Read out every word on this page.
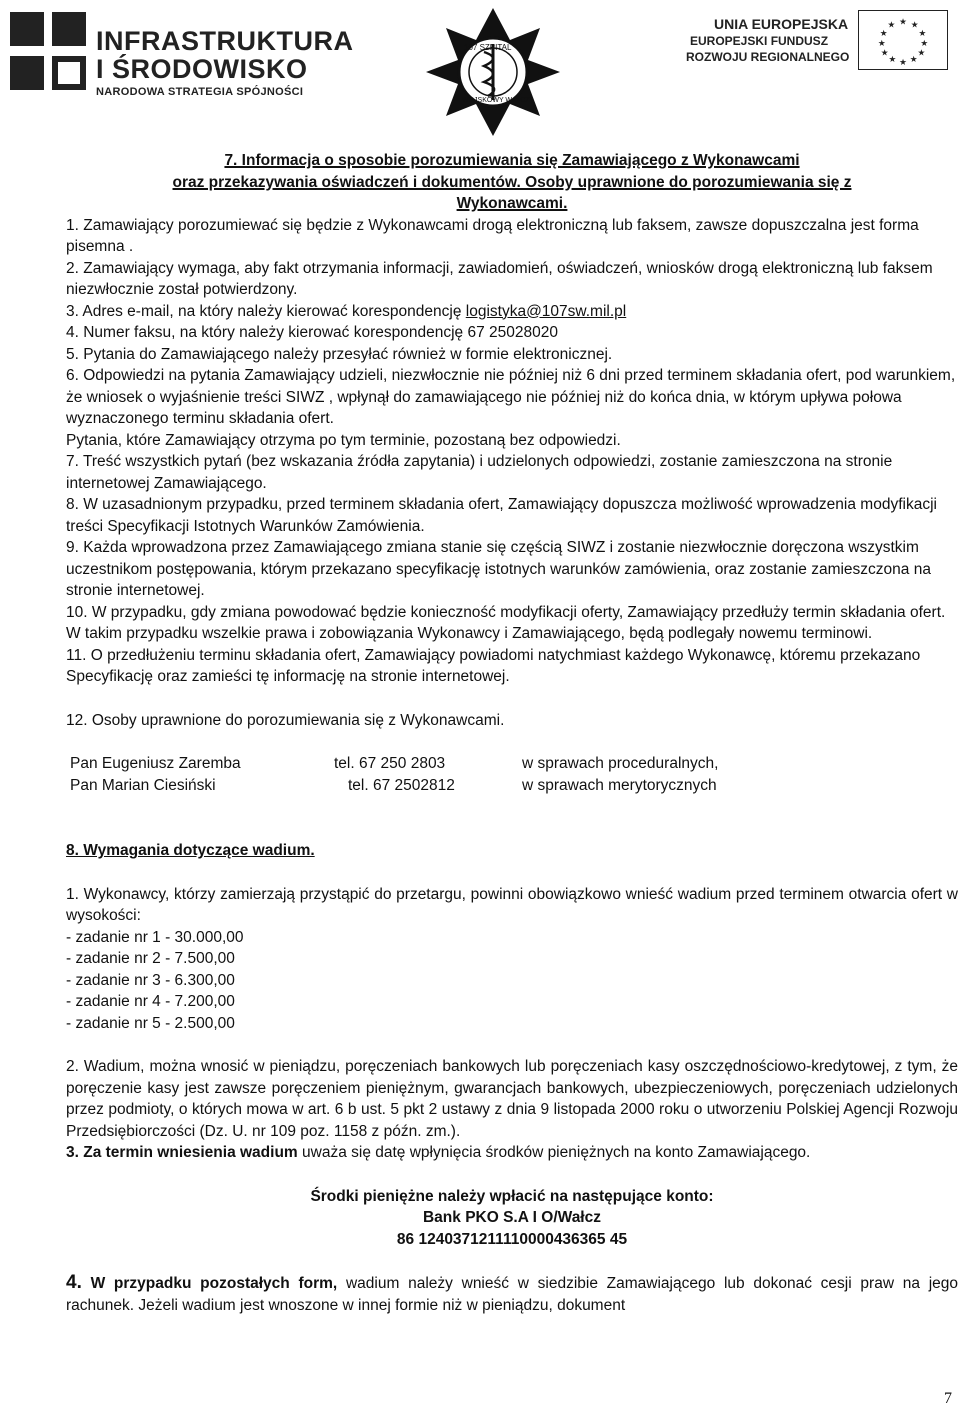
INFRASTRUKTURA
I ŚRODOWISKO
NARODOWA STRATEGIA SPÓJNOŚCI
107 SZPITAL
WOJSKOWY WAŁCZ
UNIA EUROPEJSKA
EUROPEJSKI FUNDUSZ
ROZWOJU REGIONALNEGO
★ ★
★
★
★
★
★
★
★
★
★
★

7. Informacja o sposobie porozumiewania się Zamawiającego z Wykonawcami
oraz przekazywania oświadczeń i dokumentów. Osoby uprawnione do porozumiewania się z
Wykonawcami.

1. Zamawiający porozumiewać się będzie z Wykonawcami drogą elektroniczną lub faksem, zawsze dopuszczalna jest forma pisemna .

2. Zamawiający wymaga, aby fakt otrzymania informacji, zawiadomień, oświadczeń, wniosków drogą elektroniczną lub faksem niezwłocznie został potwierdzony.

3. Adres e-mail, na który należy kierować korespondencję logistyka@107sw.mil.pl

4. Numer faksu, na który należy kierować korespondencję 67 25028020

5. Pytania do Zamawiającego należy przesyłać również w formie elektronicznej.

6. Odpowiedzi na pytania Zamawiający udzieli, niezwłocznie nie później niż 6 dni przed terminem składania ofert, pod warunkiem, że wniosek o wyjaśnienie treści SIWZ , wpłynął do zamawiającego nie później niż do końca dnia, w którym upływa połowa wyznaczonego terminu składania ofert.

Pytania, które Zamawiający otrzyma po tym terminie, pozostaną bez odpowiedzi.

7. Treść wszystkich pytań (bez wskazania źródła zapytania) i udzielonych odpowiedzi, zostanie zamieszczona na stronie internetowej Zamawiającego.

8. W uzasadnionym przypadku, przed terminem składania ofert, Zamawiający dopuszcza możliwość wprowadzenia modyfikacji treści Specyfikacji Istotnych Warunków Zamówienia.

9. Każda wprowadzona przez Zamawiającego zmiana stanie się częścią SIWZ i zostanie niezwłocznie doręczona wszystkim uczestnikom postępowania, którym przekazano specyfikację istotnych warunków zamówienia, oraz zostanie zamieszczona na stronie internetowej.

10. W przypadku, gdy zmiana powodować będzie konieczność modyfikacji oferty, Zamawiający przedłuży termin składania ofert. W takim przypadku wszelkie prawa i zobowiązania Wykonawcy i Zamawiającego, będą podlegały nowemu terminowi.

11. O przedłużeniu terminu składania ofert, Zamawiający powiadomi natychmiast każdego Wykonawcę, któremu przekazano Specyfikację oraz zamieści tę informację na stronie internetowej.

12. Osoby uprawnione do porozumiewania się z Wykonawcami.

Pan Eugeniusz Zaremba	tel. 67 250 2803	w sprawach proceduralnych,
Pan Marian Ciesiński	tel. 67 2502812	w sprawach merytorycznych

8. Wymagania dotyczące wadium.

1. Wykonawcy, którzy zamierzają przystąpić do przetargu, powinni obowiązkowo wnieść wadium przed terminem otwarcia ofert w wysokości:

- zadanie nr 1 - 30.000,00

- zadanie nr 2 - 7.500,00

- zadanie nr 3 - 6.300,00

- zadanie nr 4 - 7.200,00

- zadanie nr 5 - 2.500,00

2. Wadium, można wnosić w pieniądzu, poręczeniach bankowych lub poręczeniach kasy oszczędnościowo-kredytowej, z tym, że poręczenie kasy jest zawsze poręczeniem pieniężnym, gwarancjach bankowych, ubezpieczeniowych, poręczeniach udzielonych przez podmioty, o których mowa w art. 6 b ust. 5 pkt 2 ustawy z dnia 9 listopada 2000 roku o utworzeniu Polskiej Agencji Rozwoju Przedsiębiorczości (Dz. U. nr 109 poz. 1158 z późn. zm.).

3. Za termin wniesienia wadium uważa się datę wpłynięcia środków pieniężnych na konto Zamawiającego.

Środki pieniężne należy wpłacić na następujące konto:

Bank PKO S.A I O/Wałcz

86 1240371211110000436365 45

4. W przypadku pozostałych form, wadium należy wnieść w siedzibie Zamawiającego lub dokonać cesji praw na jego rachunek. Jeżeli wadium jest wnoszone w innej formie niż w pieniądzu, dokument

7
